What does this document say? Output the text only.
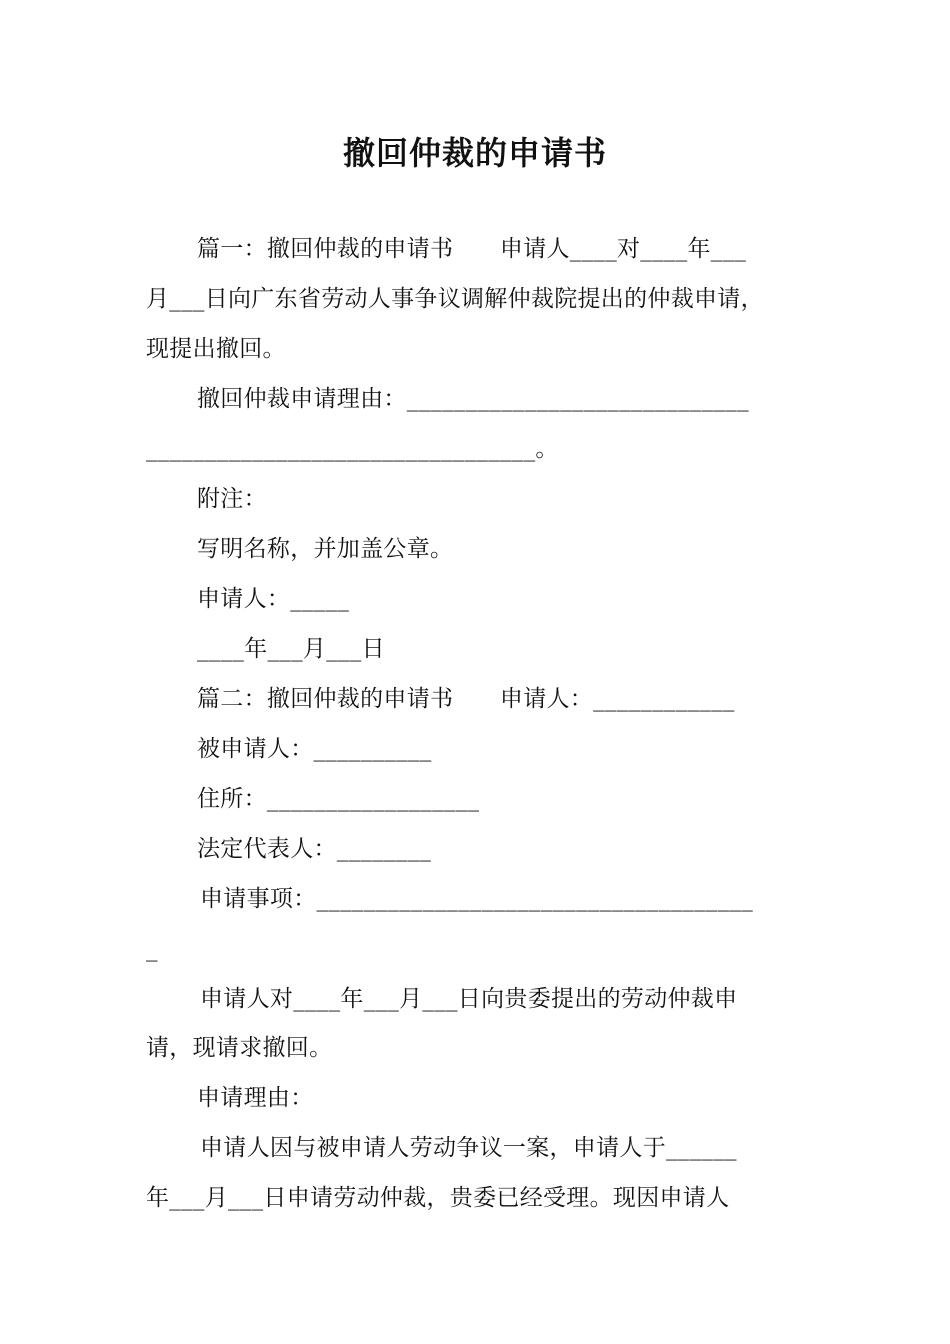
撤回仲裁的申请书
篇一：撤回仲裁的申请书　　申请人____对____年___
月___日向广东省劳动人事争议调解仲裁院提出的仲裁申请，
现提出撤回。
撤回仲裁申请理由：_____________________________
_________________________________。
附注：
写明名称，并加盖公章。
申请人：_____
____年___月___日
篇二：撤回仲裁的申请书　　申请人：____________
被申请人：__________
住所：__________________
法定代表人：________
申请事项：_____________________________________
_
申请人对____年___月___日向贵委提出的劳动仲裁申
请，现请求撤回。
申请理由：
申请人因与被申请人劳动争议一案，申请人于______
年___月___日申请劳动仲裁，贵委已经受理。现因申请人
